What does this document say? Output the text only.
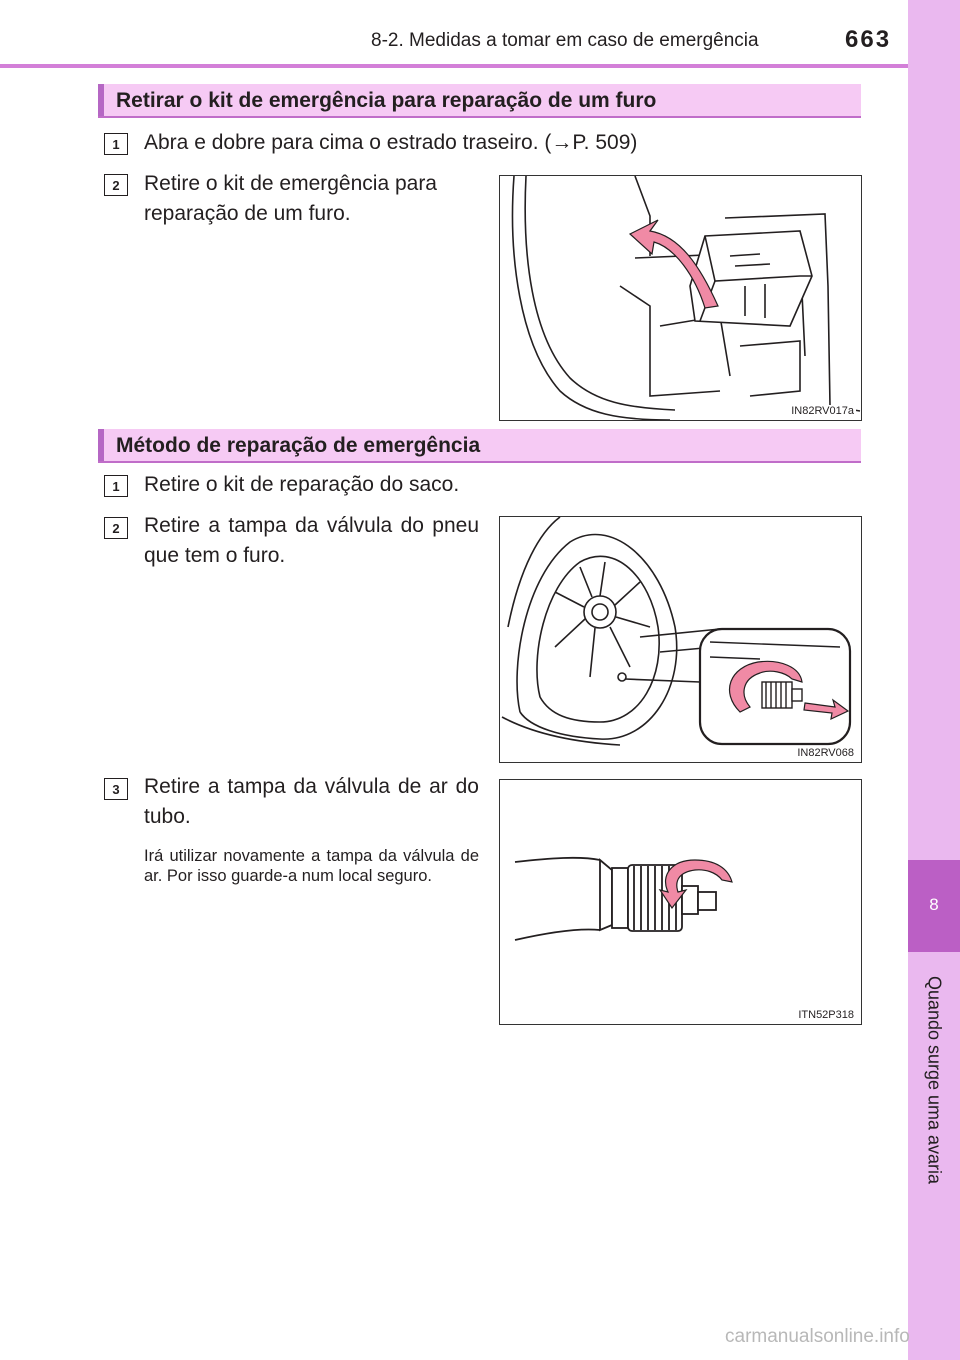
8-2. Medidas a tomar em caso de emergência	663
8
Quando surge uma avaria
Retirar o kit de emergência para reparação de um furo
1	Abra e dobre para cima o estrado traseiro. (→P. 509)
2	Retire o kit de emergência para reparação de um furo.
IN82RV017a
Método de reparação de emergência
1	Retire o kit de reparação do saco.
2	Retire a tampa da válvula do pneu que tem o furo.
IN82RV068
3	Retire a tampa da válvula de ar do tubo.
Irá utilizar novamente a tampa da válvula de ar. Por isso guarde-a num local seguro.
ITN52P318
carmanualsonline.info
